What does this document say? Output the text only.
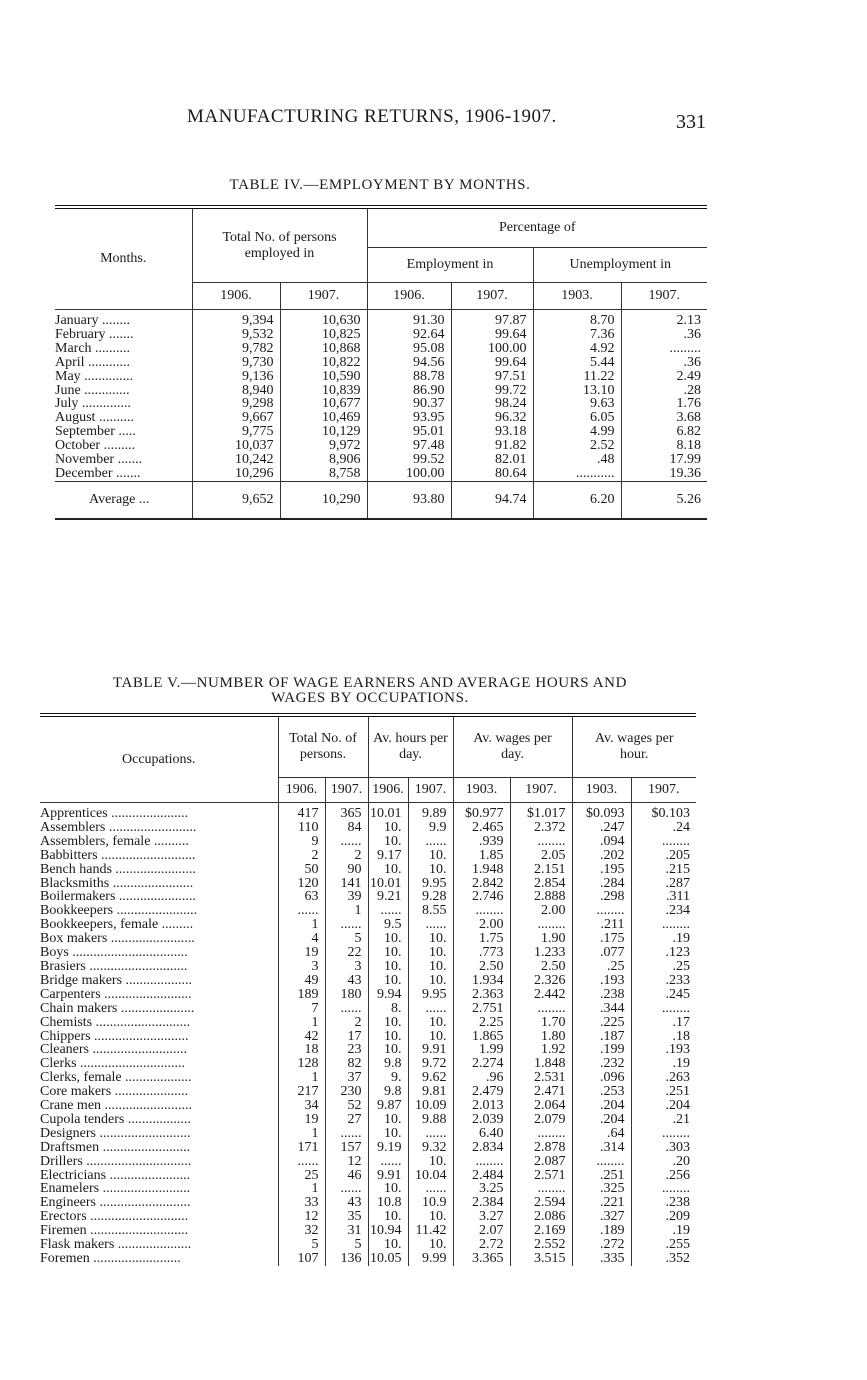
MANUFACTURING RETURNS, 1906-1907.	331
TABLE IV.—EMPLOYMENT BY MONTHS.
Months.	Total No. of persons employed in		Percentage of			
			Employment in		Unemployment in	
	1906.	1907.	1906.	1907.	1903.	1907.
January ........	9,394	10,630	91.30	97.87	8.70	2.13
February .......	9,532	10,825	92.64	99.64	7.36	.36
March ..........	9,782	10,868	95.08	100.00	4.92	.........
April ............	9,730	10,822	94.56	99.64	5.44	.36
May ..............	9,136	10,590	88.78	97.51	11.22	2.49
June .............	8,940	10,839	86.90	99.72	13.10	.28
July ..............	9,298	10,677	90.37	98.24	9.63	1.76
August ..........	9,667	10,469	93.95	96.32	6.05	3.68
September .....	9,775	10,129	95.01	93.18	4.99	6.82
October .........	10,037	9,972	97.48	91.82	2.52	8.18
November .......	10,242	8,906	99.52	82.01	.48	17.99
December .......	10,296	8,758	100.00	80.64	...........	19.36
Average ...	9,652	10,290	93.80	94.74	6.20	5.26
TABLE V.—NUMBER OF WAGE EARNERS AND AVERAGE HOURS AND
WAGES BY OCCUPATIONS.
Occupations.	Total No. of persons.		Av. hours per day.		Av. wages per day.		Av. wages per hour.	
	1906.	1907.	1906.	1907.	1903.	1907.	1903.	1907.
Apprentices ......................	417	365	10.01	9.89	$0.977	$1.017	$0.093	$0.103
Assemblers .........................	110	84	10.	9.9	2.465	2.372	.247	.24
Assemblers, female ..........	9	......	10.	......	.939	........	.094	........
Babbitters ...........................	2	2	9.17	10.	1.85	2.05	.202	.205
Bench hands .......................	50	90	10.	10.	1.948	2.151	.195	.215
Blacksmiths .......................	120	141	10.01	9.95	2.842	2.854	.284	.287
Boilermakers ......................	63	39	9.21	9.28	2.746	2.888	.298	.311
Bookkeepers .......................	......	1	......	8.55	........	2.00	........	.234
Bookkeepers, female .........	1	......	9.5	......	2.00	........	.211	........
Box makers ........................	4	5	10.	10.	1.75	1.90	.175	.19
Boys .................................	19	22	10.	10.	.773	1.233	.077	.123
Brasiers ............................	3	3	10.	10.	2.50	2.50	.25	.25
Bridge makers ...................	49	43	10.	10.	1.934	2.326	.193	.233
Carpenters .........................	189	180	9.94	9.95	2.363	2.442	.238	.245
Chain makers .....................	7	......	8.	......	2.751	........	.344	........
Chemists ...........................	1	2	10.	10.	2.25	1.70	.225	.17
Chippers ...........................	42	17	10.	10.	1.865	1.80	.187	.18
Cleaners ...........................	18	23	10.	9.91	1.99	1.92	.199	.193
Clerks ..............................	128	82	9.8	9.72	2.274	1.848	.232	.19
Clerks, female ...................	1	37	9.	9.62	.96	2.531	.096	.263
Core makers .....................	217	230	9.8	9.81	2.479	2.471	.253	.251
Crane men .........................	34	52	9.87	10.09	2.013	2.064	.204	.204
Cupola tenders ..................	19	27	10.	9.88	2.039	2.079	.204	.21
Designers ..........................	1	......	10.	......	6.40	........	.64	........
Draftsmen .........................	171	157	9.19	9.32	2.834	2.878	.314	.303
Drillers ..............................	......	12	......	10.	........	2.087	........	.20
Electricians .......................	25	46	9.91	10.04	2.484	2.571	.251	.256
Enamelers .........................	1	......	10.	......	3.25	........	.325	........
Engineers ..........................	33	43	10.8	10.9	2.384	2.594	.221	.238
Erectors ............................	12	35	10.	10.	3.27	2.086	.327	.209
Firemen ............................	32	31	10.94	11.42	2.07	2.169	.189	.19
Flask makers .....................	5	5	10.	10.	2.72	2.552	.272	.255
Foremen .........................	107	136	10.05	9.99	3.365	3.515	.335	.352
